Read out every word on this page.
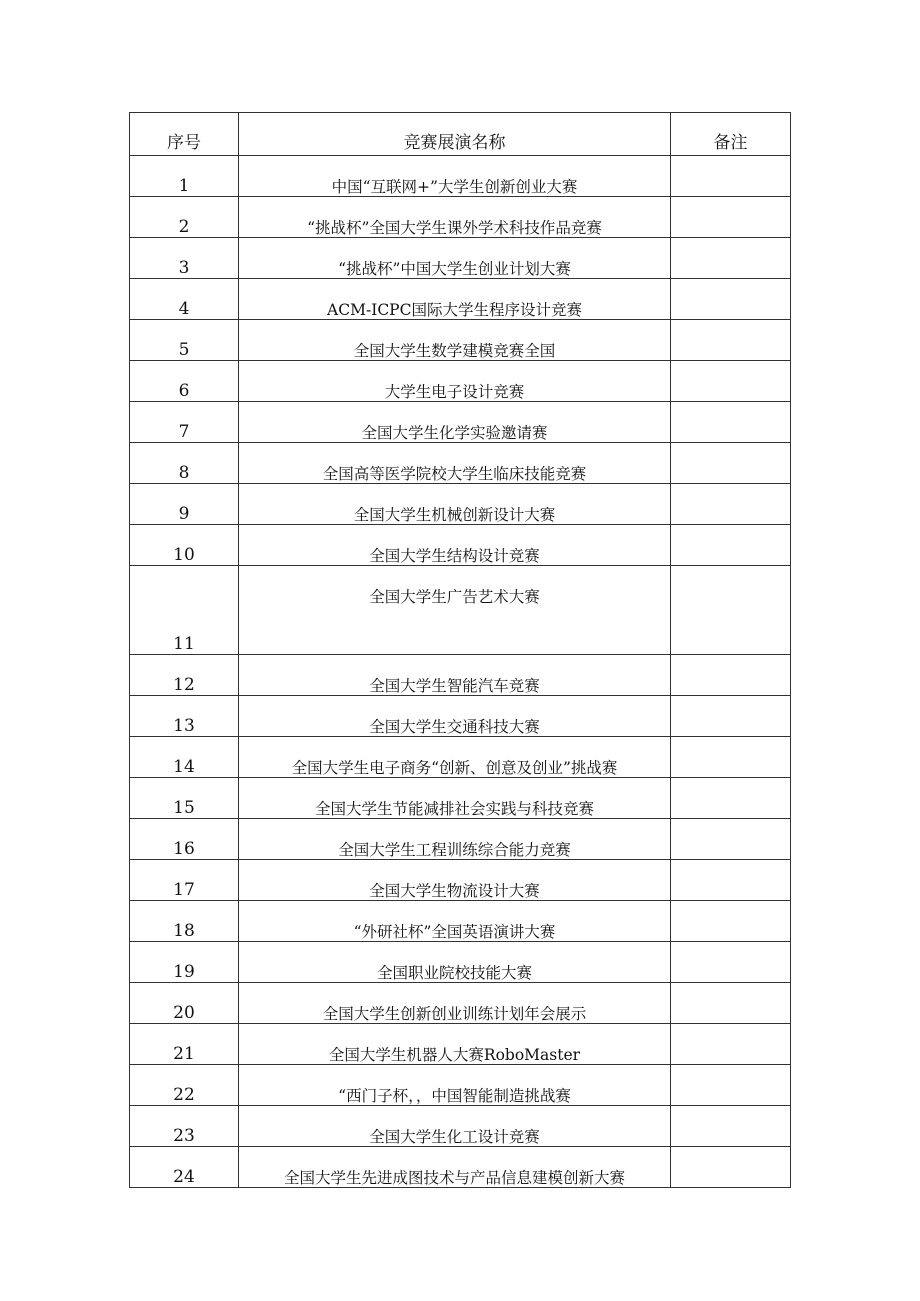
序号	竞赛展演名称	备注
1	中国“互联网+”大学生创新创业大赛	
2	“挑战杯”全国大学生课外学术科技作品竞赛	
3	“挑战杯”中国大学生创业计划大赛	
4	ACM-ICPC国际大学生程序设计竞赛	
5	全国大学生数学建模竞赛全国	
6	大学生电子设计竞赛	
7	全国大学生化学实验邀请赛	
8	全国高等医学院校大学生临床技能竞赛	
9	全国大学生机械创新设计大赛	
10	全国大学生结构设计竞赛	
11	全国大学生广告艺术大赛	
12	全国大学生智能汽车竞赛	
13	全国大学生交通科技大赛	
14	全国大学生电子商务“创新、创意及创业”挑战赛	
15	全国大学生节能减排社会实践与科技竞赛	
16	全国大学生工程训练综合能力竞赛	
17	全国大学生物流设计大赛	
18	“外研社杯”全国英语演讲大赛	
19	全国职业院校技能大赛	
20	全国大学生创新创业训练计划年会展示	
21	全国大学生机器人大赛RoboMaster	
22	“西门子杯，，中国智能制造挑战赛	
23	全国大学生化工设计竞赛	
24	全国大学生先进成图技术与产品信息建模创新大赛	
